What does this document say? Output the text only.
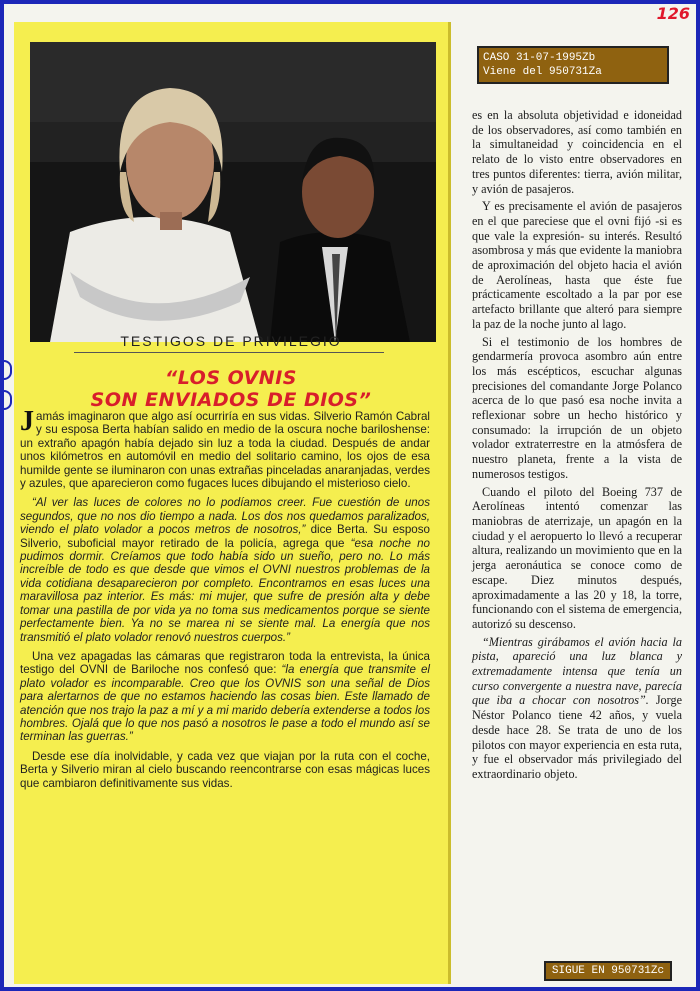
126
TESTIGOS DE PRIVILEGIO
“LOS OVNIS
SON ENVIADOS DE DIOS”

Jamás imaginaron que algo así ocurriría en sus vidas. Silverio Ramón Cabral y su esposa Berta habían salido en medio de la oscura noche bariloshense: un extraño apagón había dejado sin luz a toda la ciudad. Después de andar unos kilómetros en automóvil en medio del solitario camino, los ojos de esa humilde gente se iluminaron con unas extrañas pinceladas anaranjadas, verdes y azules, que aparecieron como fugaces luces dibujando el misterioso cielo.

“Al ver las luces de colores no lo podíamos creer. Fue cuestión de unos segundos, que no nos dio tiempo a nada. Los dos nos quedamos paralizados, viendo el plato volador a pocos metros de nosotros,” dice Berta. Su esposo Silverio, suboficial mayor retirado de la policía, agrega que “esa noche no pudimos dormir. Creíamos que todo había sido un sueño, pero no. Lo más increíble de todo es que desde que vimos el OVNI nuestros problemas de la vida cotidiana desaparecieron por completo. Encontramos en esas luces una maravillosa paz interior. Es más: mi mujer, que sufre de presión alta y debe tomar una pastilla de por vida ya no toma sus medicamentos porque se siente perfectamente bien. Ya no se marea ni se siente mal. La energía que nos transmitió el plato volador renovó nuestros cuerpos.”

Una vez apagadas las cámaras que registraron toda la entrevista, la única testigo del OVNI de Bariloche nos confesó que: “la energía que transmite el plato volador es incomparable. Creo que los OVNIS son una señal de Dios para alertarnos de que no estamos haciendo las cosas bien. Este llamado de atención que nos trajo la paz a mí y a mi marido debería extenderse a todos los hombres. Ojalá que lo que nos pasó a nosotros le pase a todo el mundo así se terminan las guerras.”

Desde ese día inolvidable, y cada vez que viajan por la ruta con el coche, Berta y Silverio miran al cielo buscando reencontrarse con esas mágicas luces que cambiaron definitivamente sus vidas.

CASO 31-07-1995Zb
Viene del 950731Za

es en la absoluta objetividad e idoneidad de los observadores, así como también en la simultaneidad y coincidencia en el relato de lo visto entre observadores en tres puntos diferentes: tierra, avión militar, y avión de pasajeros.

Y es precisamente el avión de pasajeros en el que pareciese que el ovni fijó -si es que vale la expresión- su interés. Resultó asombrosa y más que evidente la maniobra de aproximación del objeto hacia el avión de Aerolíneas, hasta que éste fue prácticamente escoltado a la par por ese artefacto brillante que alteró para siempre la paz de la noche junto al lago.

Si el testimonio de los hombres de gendarmería provoca asombro aún entre los más escépticos, escuchar algunas precisiones del comandante Jorge Polanco acerca de lo que pasó esa noche invita a reflexionar sobre un hecho histórico y consumado: la irrupción de un objeto volador extraterrestre en la atmósfera de nuestro planeta, frente a la vista de numerosos testigos.

Cuando el piloto del Boeing 737 de Aerolíneas intentó comenzar las maniobras de aterrizaje, un apagón en la ciudad y el aeropuerto lo llevó a recuperar altura, realizando un movimiento que en la jerga aeronáutica se conoce como de escape. Diez minutos después, aproximadamente a las 20 y 18, la torre, funcionando con el sistema de emergencia, autorizó su descenso.

“Mientras girábamos el avión hacia la pista, apareció una luz blanca y extremadamente intensa que tenía un curso convergente a nuestra nave, parecía que iba a chocar con nosotros”. Jorge Néstor Polanco tiene 42 años, y vuela desde hace 28. Se trata de uno de los pilotos con mayor experiencia en esta ruta, y fue el observador más privilegiado del extraordinario objeto.

SIGUE EN 950731Zc
